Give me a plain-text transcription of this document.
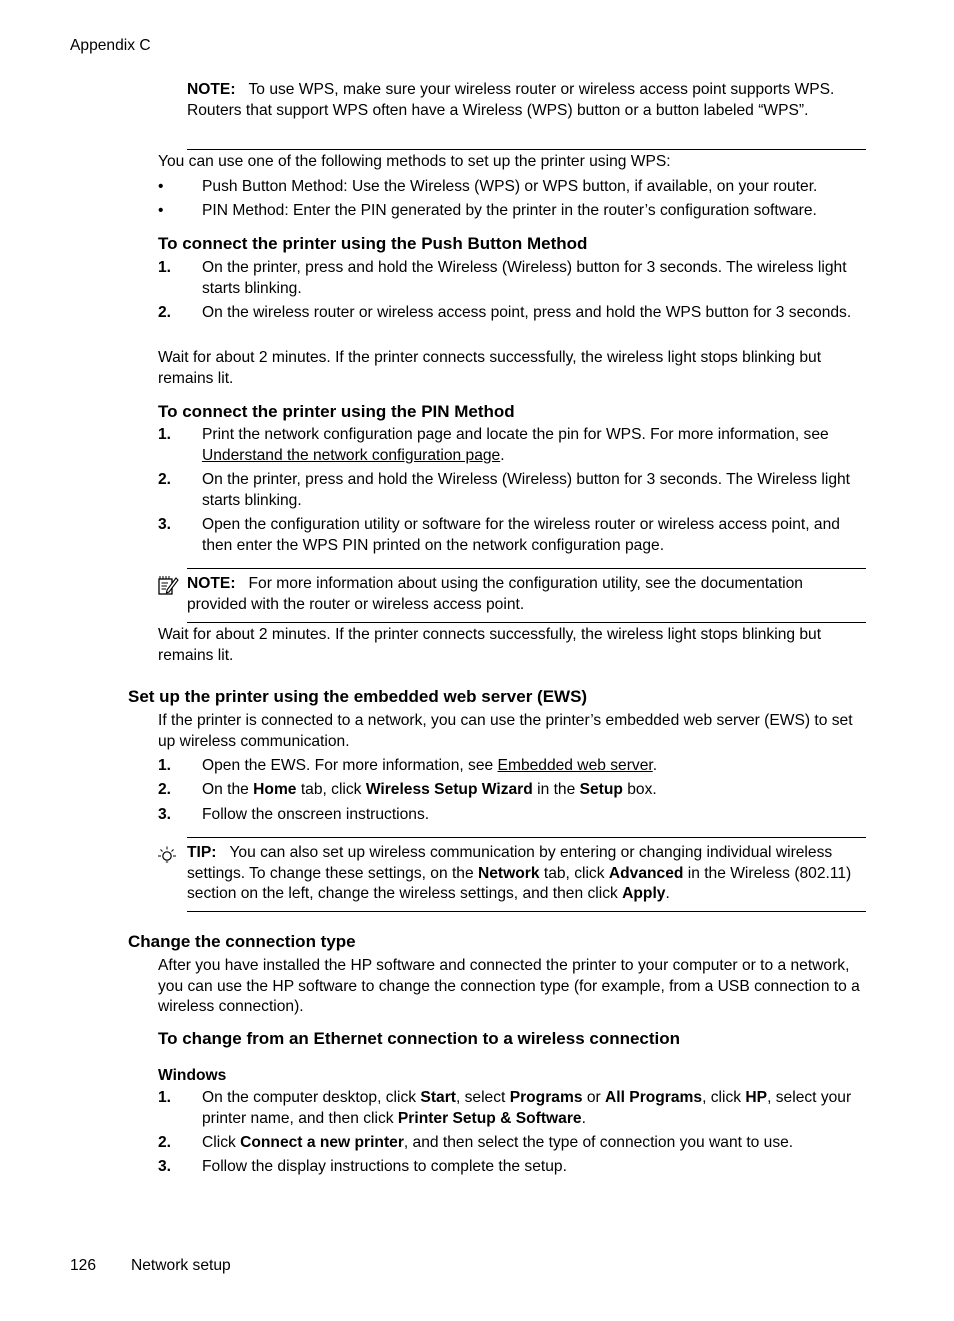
Appendix C
NOTE: To use WPS, make sure your wireless router or wireless access point supports WPS. Routers that support WPS often have a Wireless (WPS) button or a button labeled “WPS”.
You can use one of the following methods to set up the printer using WPS:
• Push Button Method: Use the Wireless (WPS) or WPS button, if available, on your router.
• PIN Method: Enter the PIN generated by the printer in the router’s configuration software.
To connect the printer using the Push Button Method
1. On the printer, press and hold the Wireless (Wireless) button for 3 seconds. The wireless light starts blinking.
2. On the wireless router or wireless access point, press and hold the WPS button for 3 seconds.
Wait for about 2 minutes. If the printer connects successfully, the wireless light stops blinking but remains lit.
To connect the printer using the PIN Method
1. Print the network configuration page and locate the pin for WPS. For more information, see Understand the network configuration page.
2. On the printer, press and hold the Wireless (Wireless) button for 3 seconds. The Wireless light starts blinking.
3. Open the configuration utility or software for the wireless router or wireless access point, and then enter the WPS PIN printed on the network configuration page.
NOTE: For more information about using the configuration utility, see the documentation provided with the router or wireless access point.
Wait for about 2 minutes. If the printer connects successfully, the wireless light stops blinking but remains lit.
Set up the printer using the embedded web server (EWS)
If the printer is connected to a network, you can use the printer’s embedded web server (EWS) to set up wireless communication.
1. Open the EWS. For more information, see Embedded web server.
2. On the Home tab, click Wireless Setup Wizard in the Setup box.
3. Follow the onscreen instructions.
TIP: You can also set up wireless communication by entering or changing individual wireless settings. To change these settings, on the Network tab, click Advanced in the Wireless (802.11) section on the left, change the wireless settings, and then click Apply.
Change the connection type
After you have installed the HP software and connected the printer to your computer or to a network, you can use the HP software to change the connection type (for example, from a USB connection to a wireless connection).
To change from an Ethernet connection to a wireless connection
Windows
1. On the computer desktop, click Start, select Programs or All Programs, click HP, select your printer name, and then click Printer Setup & Software.
2. Click Connect a new printer, and then select the type of connection you want to use.
3. Follow the display instructions to complete the setup.
126 Network setup
